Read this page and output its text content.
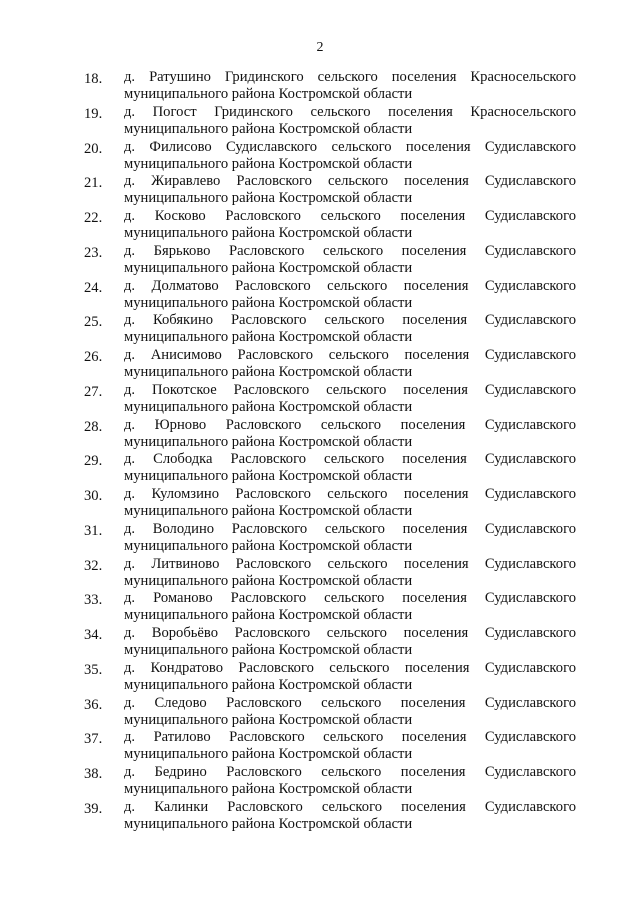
2
18. д. Ратушино Гридинского сельского поселения Красносельского
муниципального района Костромской области
19. д. Погост Гридинского сельского поселения Красносельского
муниципального района Костромской области
20. д. Филисово Судиславского сельского поселения Судиславского
муниципального района Костромской области
21. д. Жиравлево Расловского сельского поселения Судиславского
муниципального района Костромской области
22. д. Косково Расловского сельского поселения Судиславского
муниципального района Костромской области
23. д. Бярьково Расловского сельского поселения Судиславского
муниципального района Костромской области
24. д. Долматово Расловского сельского поселения Судиславского
муниципального района Костромской области
25. д. Кобякино Расловского сельского поселения Судиславского
муниципального района Костромской области
26. д. Анисимово Расловского сельского поселения Судиславского
муниципального района Костромской области
27. д. Покотское Расловского сельского поселения Судиславского
муниципального района Костромской области
28. д. Юрново Расловского сельского поселения Судиславского
муниципального района Костромской области
29. д. Слободка Расловского сельского поселения Судиславского
муниципального района Костромской области
30. д. Куломзино Расловского сельского поселения Судиславского
муниципального района Костромской области
31. д. Володино Расловского сельского поселения Судиславского
муниципального района Костромской области
32. д. Литвиново Расловского сельского поселения Судиславского
муниципального района Костромской области
33. д. Романово Расловского сельского поселения Судиславского
муниципального района Костромской области
34. д. Воробьёво Расловского сельского поселения Судиславского
муниципального района Костромской области
35. д. Кондратово Расловского сельского поселения Судиславского
муниципального района Костромской области
36. д. Следово Расловского сельского поселения Судиславского
муниципального района Костромской области
37. д. Ратилово Расловского сельского поселения Судиславского
муниципального района Костромской области
38. д. Бедрино Расловского сельского поселения Судиславского
муниципального района Костромской области
39. д. Калинки Расловского сельского поселения Судиславского
муниципального района Костромской области
